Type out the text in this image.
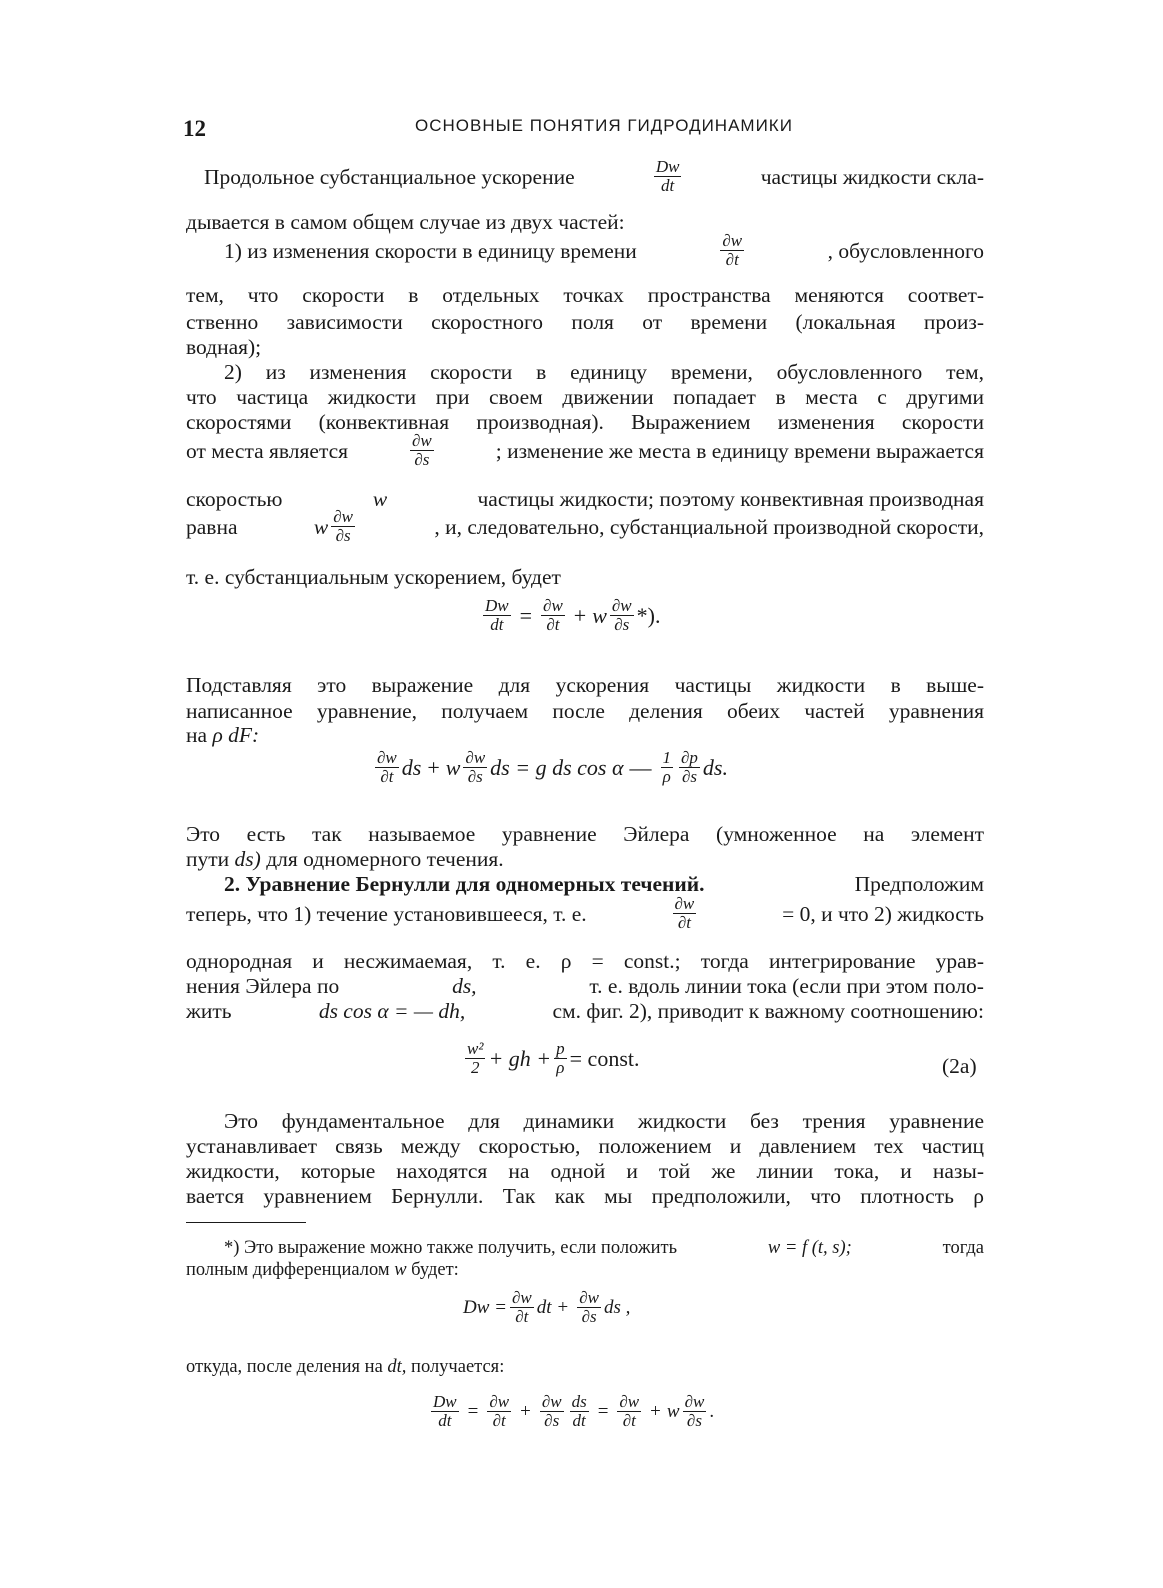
12	ОСНОВНЫЕ ПОНЯТИЯ ГИДРОДИНАМИКИ
Продольное субстанциальное ускорение	$\frac{Dw}{dt}$	частицы жидкости скла-
дывается в самом общем случае из двух частей:
1) из изменения скорости в единицу времени	$\frac{\partial w}{\partial t}$	, обусловленного
тем, что скорости в отдельных точках пространства меняются соответ-
ственно зависимости скоростного поля от времени (локальная произ-
водная);
2) из изменения скорости в единицу времени, обусловленного тем,
что частица жидкости при своем движении попадает в места с другими
скоростями (конвективная производная). Выражением изменения скорости
от места является	$\frac{\partial w}{\partial s}$	; изменение же места в единицу времени выражается
скоростью	w	частицы жидкости; поэтому конвективная производная
равна	w $\frac{\partial w}{\partial s}$	, и, следовательно, субстанциальной производной скорости,
т. е. субстанциальным ускорением, будет
$\frac{Dw}{dt} = \frac{\partial w}{\partial t} + w \frac{\partial w}{\partial s}$ *).
Подставляя это выражение для ускорения частицы жидкости в выше-
написанное уравнение, получаем после деления обеих частей уравнения
на ρ dF:
$\frac{\partial w}{\partial t}$ ds + w $\frac{\partial w}{\partial s}$ ds = g ds cos α — $\frac{1}{\rho} \frac{\partial p}{\partial s}$ ds.
Это есть так называемое уравнение Эйлера (умноженное на элемент
пути ds) для одномерного течения.
2. Уравнение Бернулли для одномерных течений.	Предположим
теперь, что 1) течение установившееся, т. е.	$\frac{\partial w}{\partial t}$	= 0, и что 2) жидкость
однородная и несжимаемая, т. е. ρ = const.; тогда интегрирование урав-
нения Эйлера по	ds,	т. е. вдоль линии тока (если при этом поло-
жить	ds cos α = — dh,	см. фиг. 2), приводит к важному соотношению:
$\frac{\text{w²}}{2}$ + gh + $\frac{p}{\rho}$ = const.	(2а)
Это фундаментальное для динамики жидкости без трения уравнение
устанавливает связь между скоростью, положением и давлением тех частиц
жидкости, которые находятся на одной и той же линии тока, и назы-
вается уравнением Бернулли. Так как мы предположили, что плотность ρ
*) Это выражение можно также получить, если положить	w = f (t, s);	тогда
полным дифференциалом w будет:
$Dw = \frac{\partial w}{\partial t}$ dt + $\frac{\partial w}{\partial s}$ ds ,
откуда, после деления на dt, получается:
$\frac{Dw}{dt} = \frac{\partial w}{\partial t} + \frac{\partial w}{\partial s} \frac{ds}{dt} = \frac{\partial w}{\partial t} + w \frac{\partial w}{\partial s}$ .
